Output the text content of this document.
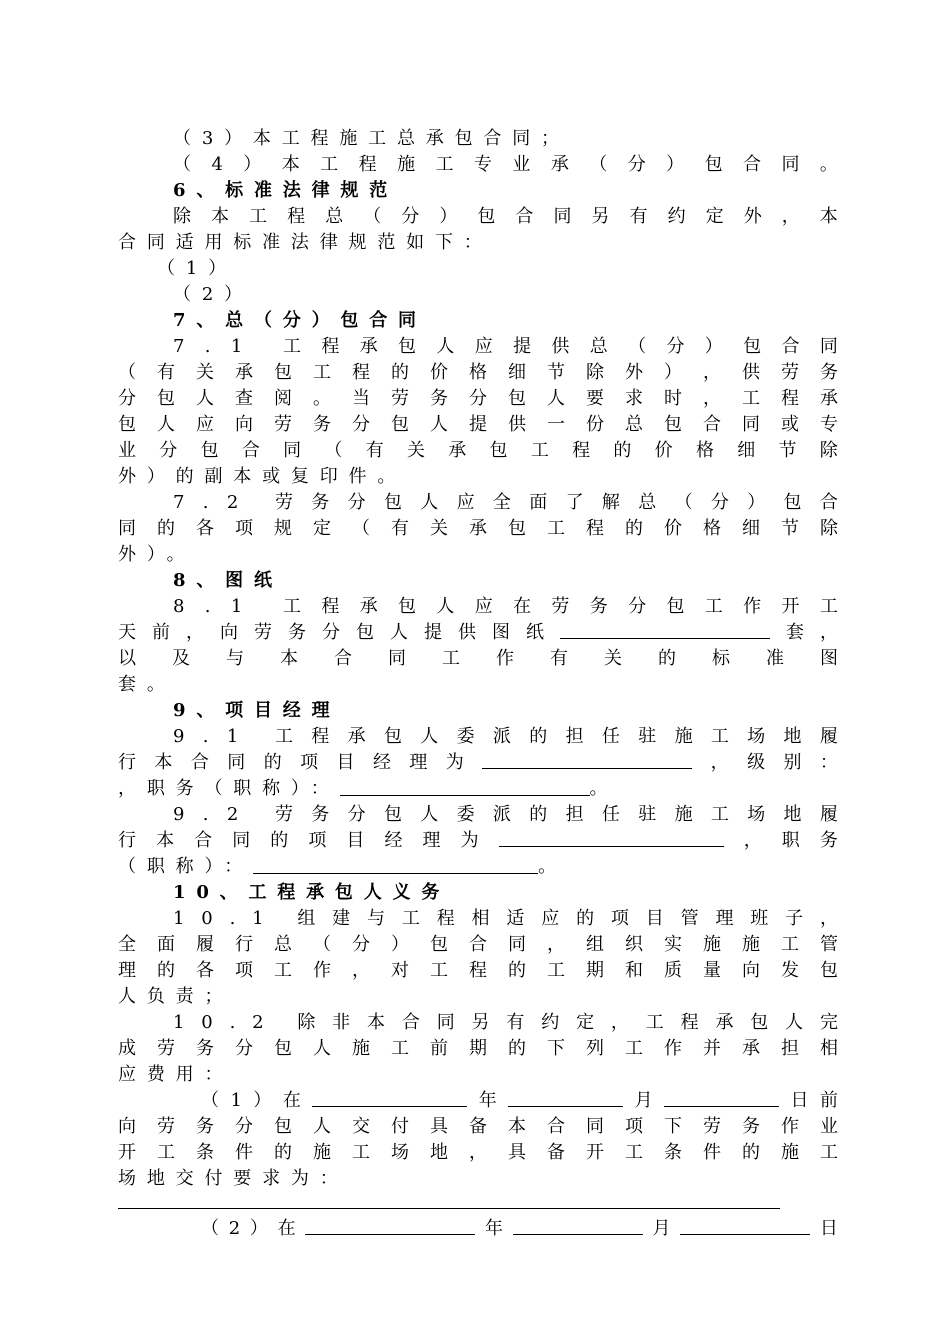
（3）本工程施工总承包合同；
（ 4 ） 本 工 程 施 工 专 业 承 （ 分 ） 包 合 同 。
6、标准法律规范
除 本 工 程 总 （ 分 ） 包 合 同 另 有 约 定 外 ， 本
合同适用标准法律规范如下：
（1）
（2）
7、总（分）包合同
7 . 1 工 程 承 包 人 应 提 供 总 （ 分 ） 包 合 同
（ 有 关 承 包 工 程 的 价 格 细 节 除 外 ） ， 供 劳 务
分 包 人 查 阅 。 当 劳 务 分 包 人 要 求 时 ， 工 程 承
包 人 应 向 劳 务 分 包 人 提 供 一 份 总 包 合 同 或 专
业 分 包 合 同 （ 有 关 承 包 工 程 的 价 格 细 节 除
外）的副本或复印件。
7 . 2 劳 务 分 包 人 应 全 面 了 解 总 （ 分 ） 包 合
同 的 各 项 规 定 （ 有 关 承 包 工 程 的 价 格 细 节 除
外）。
8、图纸
8 . 1 工 程 承 包 人 应 在 劳 务 分 包 工 作 开 工
天 前 ， 向 劳 务 分 包 人 提 供 图 纸	套 ，
以 及 与 本 合 同 工 作 有 关 的 标 准 图
套。
9、项目经理
9 . 1 工 程 承 包 人 委 派 的 担 任 驻 施 工 场 地 履
行 本 合 同 的 项 目 经 理 为	， 级 别 ：
，职务（职称）：	。
9 . 2 劳 务 分 包 人 委 派 的 担 任 驻 施 工 场 地 履
行 本 合 同 的 项 目 经 理 为	， 职 务
（职称）：	。
10、工程承包人义务
1 0 . 1 组 建 与 工 程 相 适 应 的 项 目 管 理 班 子 ，
全 面 履 行 总 （ 分 ） 包 合 同 ， 组 织 实 施 施 工 管
理 的 各 项 工 作 ， 对 工 程 的 工 期 和 质 量 向 发 包
人负责；
1 0 . 2 除 非 本 合 同 另 有 约 定 ， 工 程 承 包 人 完
成 劳 务 分 包 人 施 工 前 期 的 下 列 工 作 并 承 担 相
应费用：
（ 1 ） 在	年	月	日 前
向 劳 务 分 包 人 交 付 具 备 本 合 同 项 下 劳 务 作 业
开 工 条 件 的 施 工 场 地 ， 具 备 开 工 条 件 的 施 工
场地交付要求为：
（ 2 ） 在	年	月	日
